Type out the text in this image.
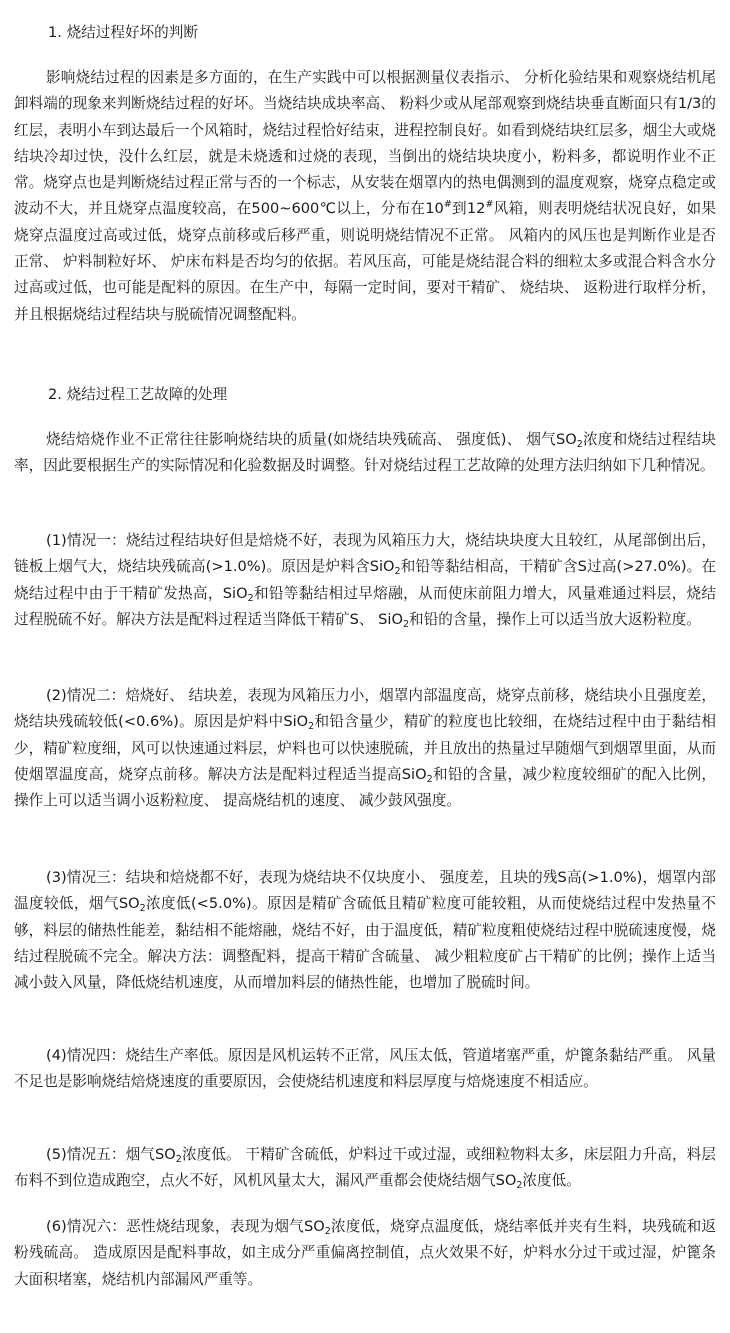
1. 烧结过程好坏的判断

影响烧结过程的因素是多方面的，在生产实践中可以根据测量仪表指示、 分析化验结果和观察烧结机尾卸料端的现象来判断烧结过程的好坏。当烧结块成块率高、 粉料少或从尾部观察到烧结块垂直断面只有1/3的红层，表明小车到达最后一个风箱时，烧结过程恰好结束，进程控制良好。如看到烧结块红层多，烟尘大或烧结块冷却过快，没什么红层，就是未烧透和过烧的表现，当倒出的烧结块块度小，粉料多，都说明作业不正常。烧穿点也是判断烧结过程正常与否的一个标志，从安装在烟罩内的热电偶测到的温度观察，烧穿点稳定或波动不大，并且烧穿点温度较高，在500~600℃以上，分布在10#到12#风箱，则表明烧结状况良好，如果烧穿点温度过高或过低，烧穿点前移或后移严重，则说明烧结情况不正常。 风箱内的风压也是判断作业是否正常、 炉料制粒好坏、 炉床布料是否均匀的依据。若风压高，可能是烧结混合料的细粒太多或混合料含水分过高或过低，也可能是配料的原因。在生产中，每隔一定时间，要对干精矿、 烧结块、 返粉进行取样分析，并且根据烧结过程结块与脱硫情况调整配料。

2. 烧结过程工艺故障的处理

烧结焙烧作业不正常往往影响烧结块的质量(如烧结块残硫高、 强度低)、 烟气$SO_2$浓度和烧结过程结块率，因此要根据生产的实际情况和化验数据及时调整。针对烧结过程工艺故障的处理方法归纳如下几种情况。

(1)情况一：烧结过程结块好但是焙烧不好，表现为风箱压力大，烧结块块度大且较红，从尾部倒出后，链板上烟气大，烧结块残硫高(>1.0%)。原因是炉料含SiO$_2$和铅等黏结相高，干精矿含S过高(>27.0%)。在烧结过程中由于干精矿发热高，SiO$_2$和铅等黏结相过早熔融，从而使床前阻力增大，风量难通过料层，烧结过程脱硫不好。解决方法是配料过程适当降低干精矿S、 SiO$_2$和铅的含量，操作上可以适当放大返粉粒度。

(2)情况二：焙烧好、 结块差，表现为风箱压力小，烟罩内部温度高，烧穿点前移，烧结块小且强度差，烧结块残硫较低(<0.6%)。原因是炉料中SiO$_2$和铅含量少，精矿的粒度也比较细，在烧结过程中由于黏结相少，精矿粒度细，风可以快速通过料层，炉料也可以快速脱硫，并且放出的热量过早随烟气到烟罩里面，从而使烟罩温度高，烧穿点前移。解决方法是配料过程适当提高SiO$_2$和铅的含量，减少粒度较细矿的配入比例，操作上可以适当调小返粉粒度、 提高烧结机的速度、 减少鼓风强度。

(3)情况三：结块和焙烧都不好，表现为烧结块不仅块度小、 强度差，且块的残S高(>1.0%)，烟罩内部温度较低，烟气$SO_2$浓度低(<5.0%)。原因是精矿含硫低且精矿粒度可能较粗，从而使烧结过程中发热量不够，料层的储热性能差，黏结相不能熔融，烧结不好，由于温度低，精矿粒度粗使烧结过程中脱硫速度慢，烧结过程脱硫不完全。解决方法：调整配料，提高干精矿含硫量、 减少粗粒度矿占干精矿的比例；操作上适当减小鼓入风量，降低烧结机速度，从而增加料层的储热性能，也增加了脱硫时间。

(4)情况四：烧结生产率低。原因是风机运转不正常，风压太低，管道堵塞严重，炉篦条黏结严重。 风量不足也是影响烧结焙烧速度的重要原因，会使烧结机速度和料层厚度与焙烧速度不相适应。

(5)情况五：烟气$SO_2$浓度低。 干精矿含硫低，炉料过干或过湿，或细粒物料太多，床层阻力升高，料层布料不到位造成跑空，点火不好，风机风量太大，漏风严重都会使烧结烟气$SO_2$浓度低。

(6)情况六：恶性烧结现象，表现为烟气$SO_2$浓度低，烧穿点温度低，烧结率低并夹有生料，块残硫和返粉残硫高。 造成原因是配料事故，如主成分严重偏离控制值，点火效果不好，炉料水分过干或过湿，炉篦条大面积堵塞，烧结机内部漏风严重等。
